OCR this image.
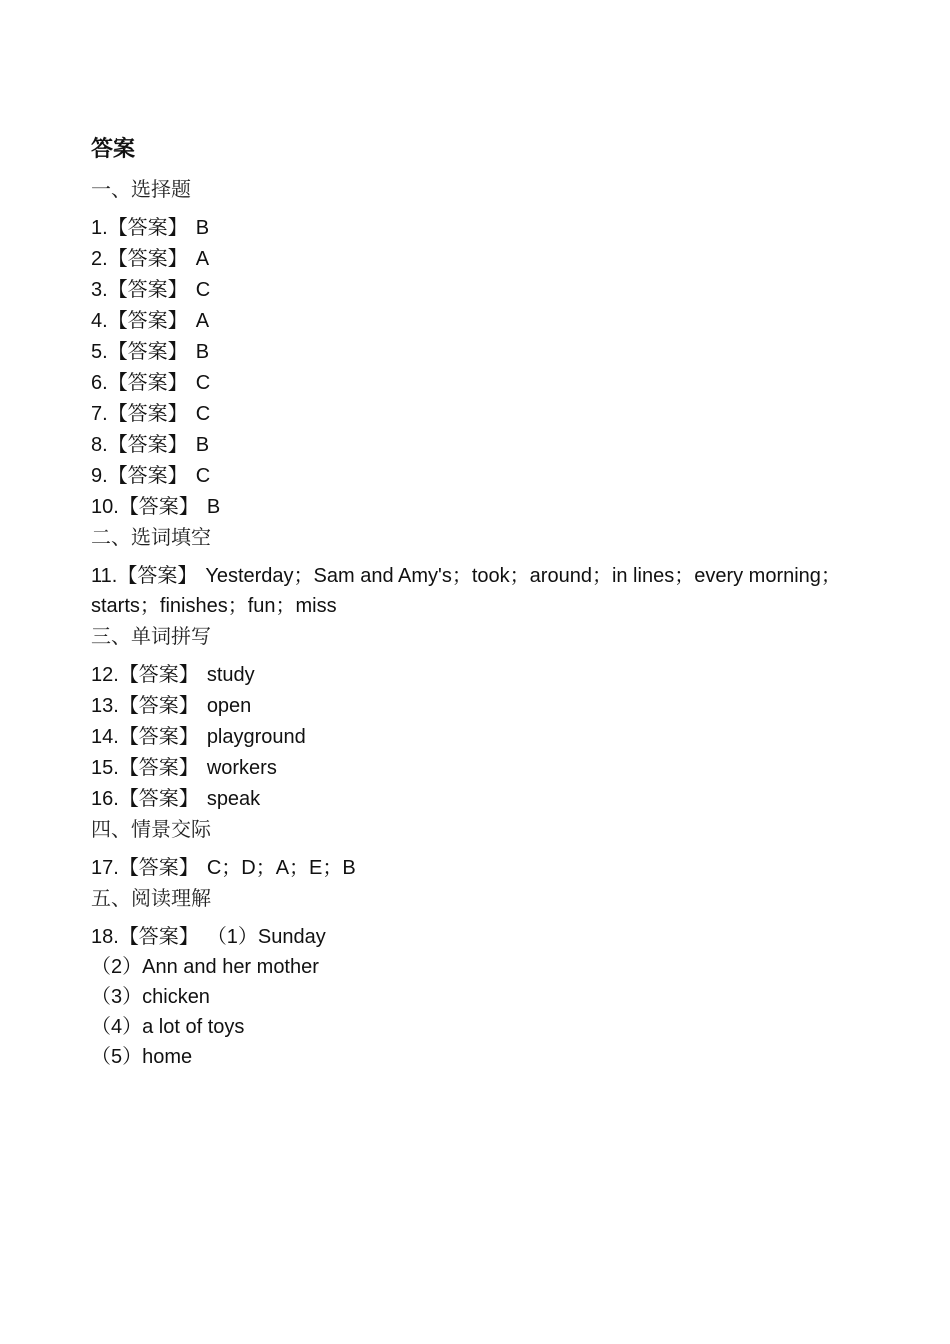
答案
一、选择题
1.【答案】 B
2.【答案】 A
3.【答案】 C
4.【答案】 A
5.【答案】 B
6.【答案】 C
7.【答案】 C
8.【答案】 B
9.【答案】 C
10.【答案】 B
二、选词填空
11.【答案】 Yesterday；Sam and Amy's；took；around；in lines；every morning；starts；finishes；fun；miss
三、单词拼写
12.【答案】 study
13.【答案】 open
14.【答案】 playground
15.【答案】 workers
16.【答案】 speak
四、情景交际
17.【答案】 C；D；A；E；B
五、阅读理解
18.【答案】 （1）Sunday
（2）Ann and her mother
（3）chicken
（4）a lot of toys
（5）home
